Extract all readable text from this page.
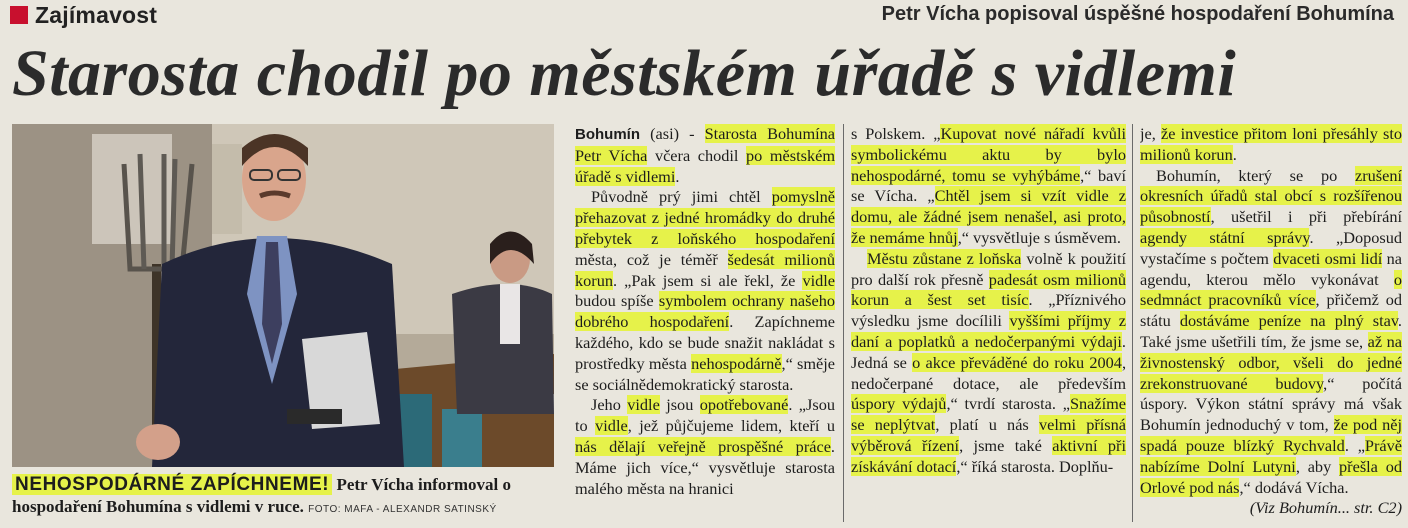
Zajímavost	Petr Vícha popisoval úspěšné hospodaření Bohumína
Starosta chodil po městském úřadě s vidlemi
NEHOSPODÁRNÉ ZAPÍCHNEME! Petr Vícha informoval o hospodaření Bohumína s vidlemi v ruce. FOTO: MAFA - ALEXANDR SATINSKÝ

Bohumín (asi) - Starosta Bohumína Petr Vícha včera chodil po městském úřadě s vidlemi.

Původně prý jimi chtěl pomyslně přehazovat z jedné hromádky do druhé přebytek z loňského hospodaření města, což je téměř šedesát milionů korun. „Pak jsem si ale řekl, že vidle budou spíše symbolem ochrany našeho dobrého hospodaření. Zapíchneme každého, kdo se bude snažit nakládat s prostředky města nehospodárně,“ směje se sociálnědemokratický starosta.

Jeho vidle jsou opotřebované. „Jsou to vidle, jež půjčujeme lidem, kteří u nás dělají veřejně prospěšné práce. Máme jich více,“ vysvětluje starosta malého města na hranici

s Polskem. „Kupovat nové nářadí kvůli symbolickému aktu by bylo nehospodárné, tomu se vyhýbáme,“ baví se Vícha. „Chtěl jsem si vzít vidle z domu, ale žádné jsem nenašel, asi proto, že nemáme hnůj,“ vysvětluje s úsměvem.

Městu zůstane z loňska volně k použití pro další rok přesně padesát osm milionů korun a šest set tisíc. „Příznivého výsledku jsme docílili vyššími příjmy z daní a poplatků a nedočerpanými výdaji. Jedná se o akce převáděné do roku 2004, nedočerpané dotace, ale především úspory výdajů,“ tvrdí starosta. „Snažíme se neplýtvat, platí u nás velmi přísná výběrová řízení, jsme také aktivní při získávání dotací,“ říká starosta. Doplňu-

je, že investice přitom loni přesáhly sto milionů korun.

Bohumín, který se po zrušení okresních úřadů stal obcí s rozšířenou působností, ušetřil i při přebírání agendy státní správy. „Doposud vystačíme s počtem dvaceti osmi lidí na agendu, kterou mělo vykonávat o sedmnáct pracovníků více, přičemž od státu dostáváme peníze na plný stav. Také jsme ušetřili tím, že jsme se, až na živnostenský odbor, všeli do jedné zrekonstruované budovy,“ počítá úspory. Výkon státní správy má však Bohumín jednoduchý v tom, že pod něj spadá pouze blízký Rychvald. „Právě nabízíme Dolní Lutyni, aby přešla od Orlové pod nás,“ dodává Vícha.

(Viz Bohumín... str. C2)
